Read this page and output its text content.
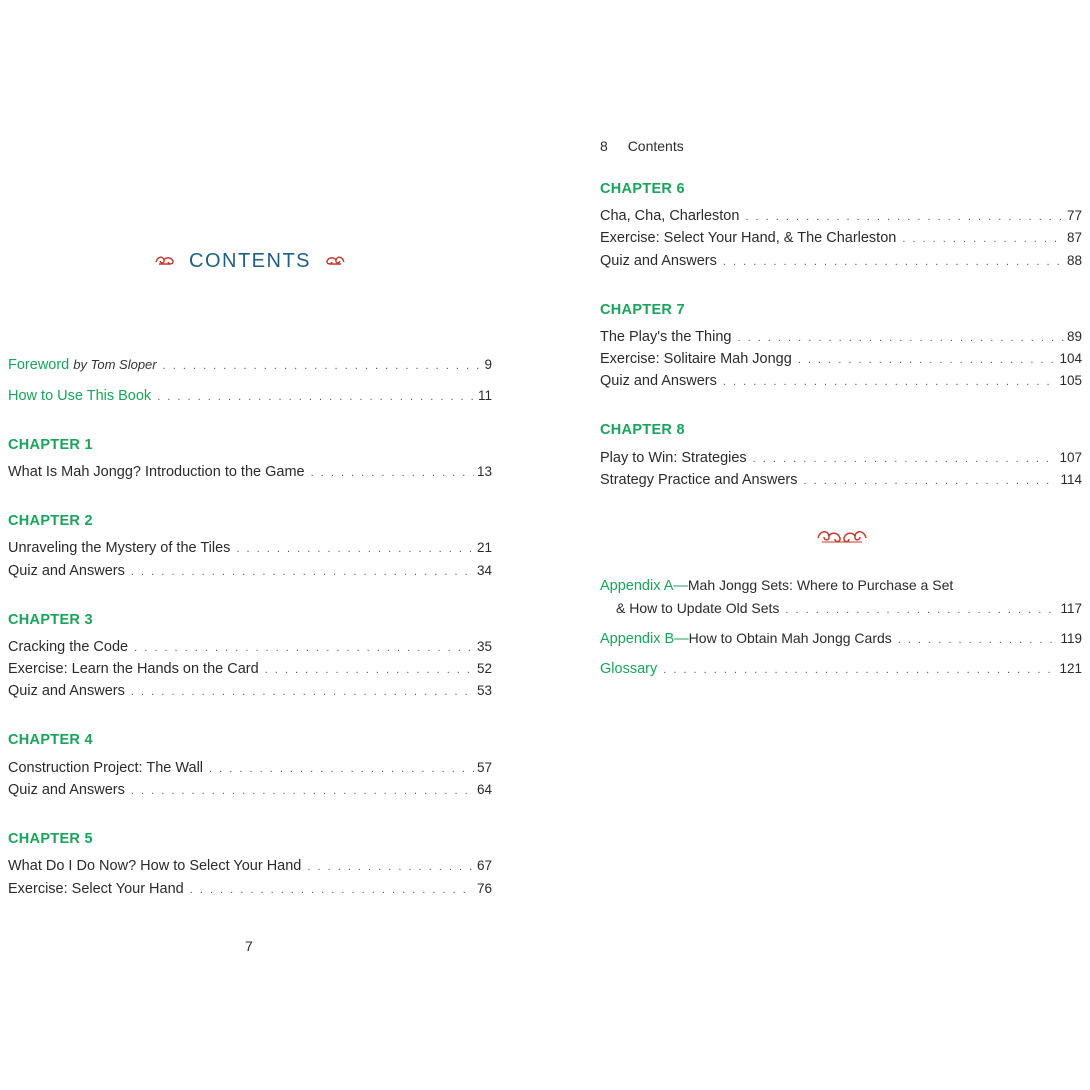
CONTENTS
Foreword by Tom Sloper . . .	9
How to Use This Book . . .	11
CHAPTER 1
What Is Mah Jongg? Introduction to the Game . . .	13
CHAPTER 2
Unraveling the Mystery of the Tiles . . .	21
Quiz and Answers . . .	34
CHAPTER 3
Cracking the Code . . .	35
Exercise: Learn the Hands on the Card . . .	52
Quiz and Answers . . .	53
CHAPTER 4
Construction Project: The Wall . . .	57
Quiz and Answers . . .	64
CHAPTER 5
What Do I Do Now? How to Select Your Hand . . .	67
Exercise: Select Your Hand . . .	76
7
8 Contents
CHAPTER 6
Cha, Cha, Charleston . . .	77
Exercise: Select Your Hand, & The Charleston . . .	87
Quiz and Answers . . .	88
CHAPTER 7
The Play's the Thing . . .	89
Exercise: Solitaire Mah Jongg . . .	104
Quiz and Answers . . .	105
CHAPTER 8
Play to Win: Strategies . . .	107
Strategy Practice and Answers . . .	114
Appendix A—Mah Jongg Sets: Where to Purchase a Set
& How to Update Old Sets . . .	117
Appendix B—How to Obtain Mah Jongg Cards . . .	119
Glossary . . .	121
